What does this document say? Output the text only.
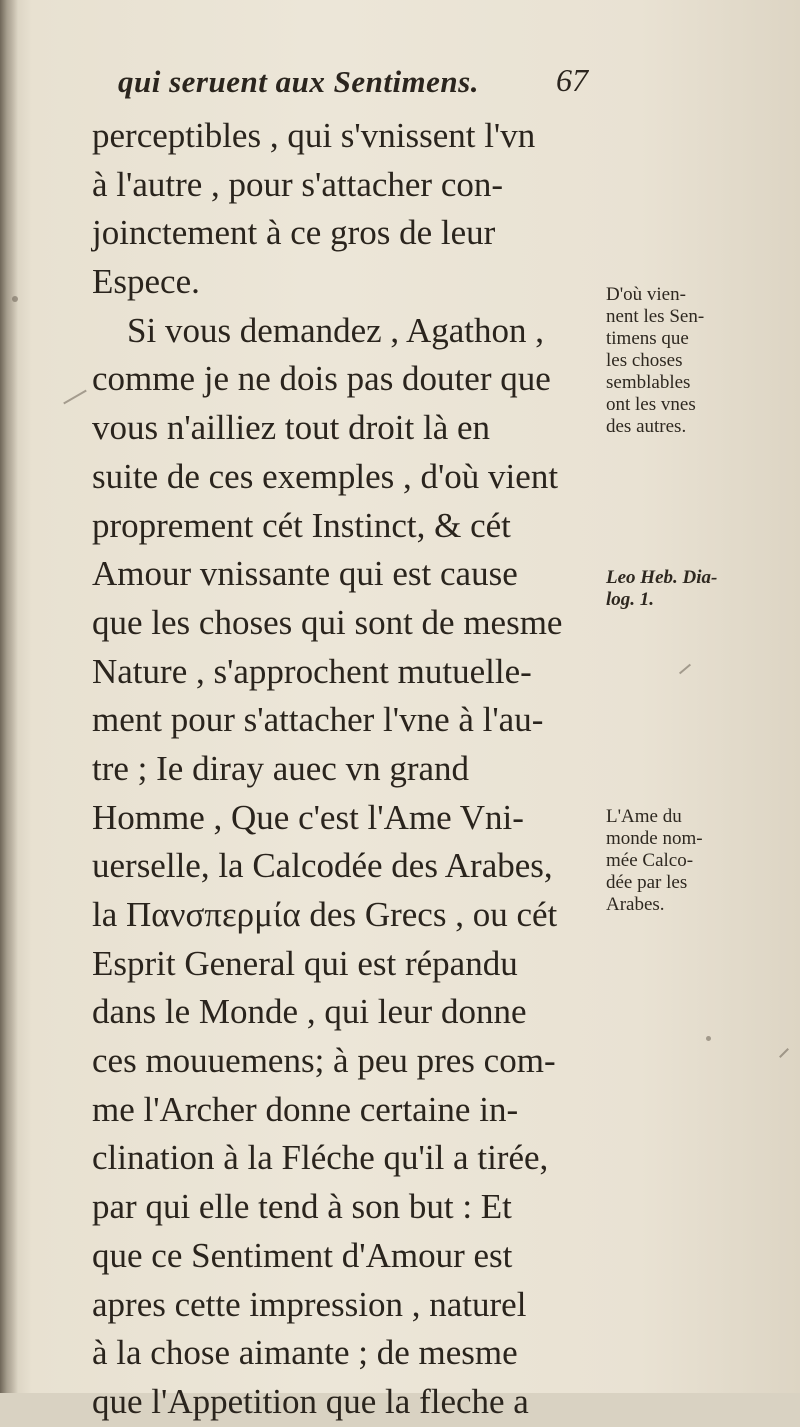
qui seruent aux Sentimens. 67
perceptibles , qui s'vnissent l'vn
à l'autre , pour s'attacher con-
joinctement à ce gros de leur
Espece.
Si vous demandez , Agathon ,
comme je ne dois pas douter que
vous n'ailliez tout droit là en
suite de ces exemples , d'où vient
proprement cét Instinct, & cét
Amour vnissante qui est cause
que les choses qui sont de mesme
Nature , s'approchent mutuelle-
ment pour s'attacher l'vne à l'au-
tre ; Ie diray auec vn grand
Homme , Que c'est l'Ame Vni-
uerselle, la Calcodée des Arabes,
la Πανσπερμία des Grecs , ou cét
Esprit General qui est répandu
dans le Monde , qui leur donne
ces mouuemens; à peu pres com-
me l'Archer donne certaine in-
clination à la Fléche qu'il a tirée,
par qui elle tend à son but : Et
que ce Sentiment d'Amour est
apres cette impression , naturel
à la chose aimante ; de mesme
que l'Appetition que la fleche a
D'où vien-
nent les Sen-
timens que
les choses
semblables
ont les vnes
des autres.
Leo Heb. Dia-
log. 1.
L'Ame du
monde nom-
mée Calco-
dée par les
Arabes.
